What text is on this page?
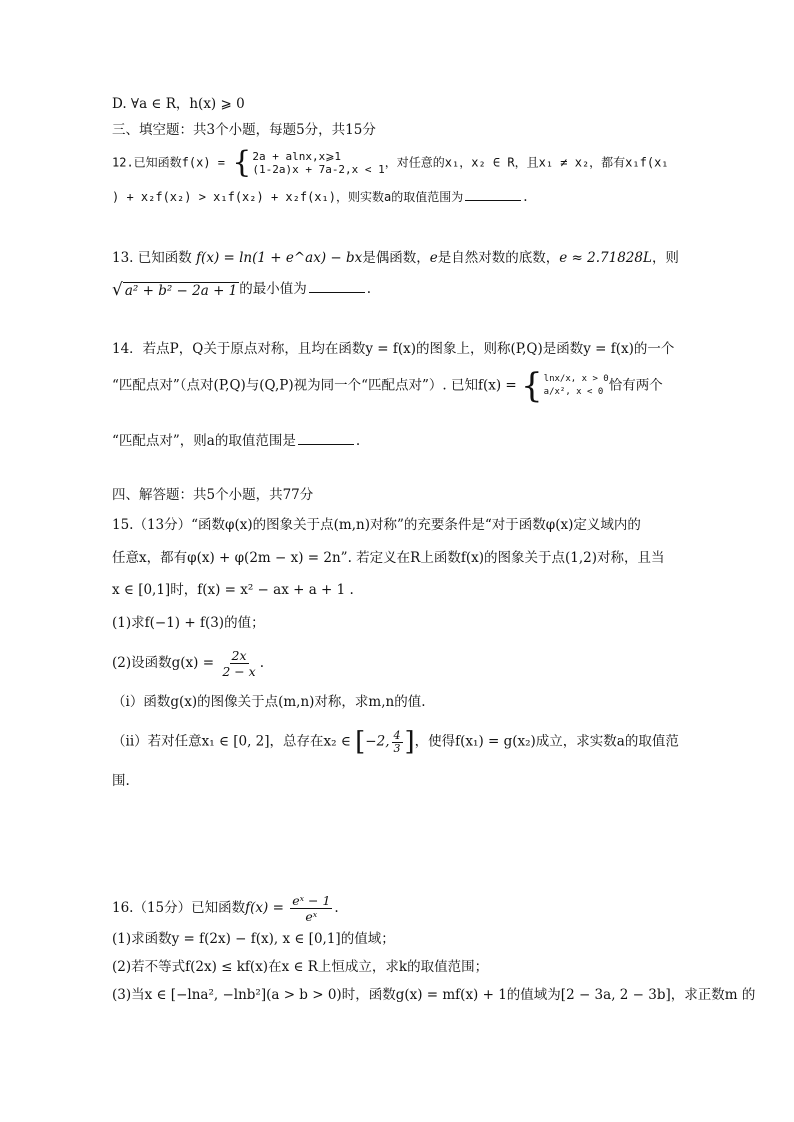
D. ∀a ∈ R，h(x) ⩾ 0
三、填空题：共3个小题，每题5分，共15分
12.已知函数f(x) = { 2a + alnx,x⩾1
(1-2a)x + 7a-2,x < 1 ，对任意的x₁，x₂ ∈ R，且x₁ ≠ x₂，都有x₁f(x₁
) + x₂f(x₂) > x₁f(x₂) + x₂f(x₁)，则实数a的取值范围为	.
13. 已知函数 f(x) = ln(1 + e^ax) − bx是偶函数，e是自然对数的底数，e ≈ 2.71828L，则
√ a² + b² − 2a + 1 的最小值为	.
14．若点P，Q关于原点对称，且均在函数y = f(x)的图象上，则称(P,Q)是函数y = f(x)的一个
“匹配点对”（点对(P,Q)与(Q,P)视为同一个“匹配点对”）. 已知f(x) = { lnx/x, x > 0
a/x², x < 0 恰有两个
“匹配点对”，则a的取值范围是	.
四、解答题：共5个小题，共77分
15.（13分）“函数φ(x)的图象关于点(m,n)对称”的充要条件是“对于函数φ(x)定义域内的
任意x，都有φ(x) + φ(2m − x) = 2n”. 若定义在R上函数f(x)的图象关于点(1,2)对称，且当
x ∈ [0,1]时，f(x) = x² − ax + a + 1 .
(1)求f(−1) + f(3)的值；
(2)设函数$g(x) = \frac{2x}{2 - x}$ .
（i）函数g(x)的图像关于点(m,n)对称，求m,n的值.
（ii）若对任意x₁ ∈ [0, 2]，总存在x₂ ∈ [−2, $\frac{4}{3}$ ]，使得f(x₁) = g(x₂)成立，求实数a的取值范
围.
16.（15分）已知函数$f(x) = \frac{\text{eˣ − 1}}{\text{eˣ}}$ .
(1)求函数y = f(2x) − f(x), x ∈ [0,1]的值域；
(2)若不等式f(2x) ≤ kf(x)在x ∈ R上恒成立，求k的取值范围；
(3)当x ∈ [−lna², −lnb²](a > b > 0)时，函数g(x) = mf(x) + 1的值域为[2 − 3a, 2 − 3b]，求正数m 的
